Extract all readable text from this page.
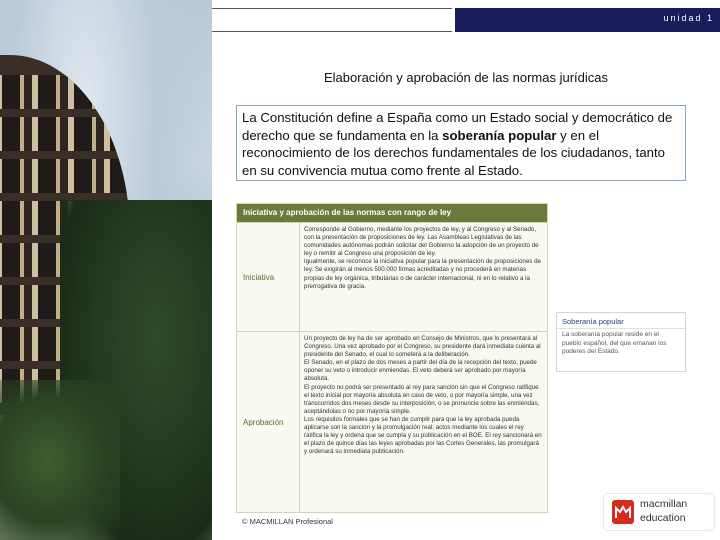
unidad 1
Elaboración y aprobación de las normas jurídicas
La Constitución define a España como un Estado social y democrático de derecho que se fundamenta en la soberanía popular y en el reconocimiento de los derechos fundamentales de los ciudadanos, tanto en su convivencia mutua como frente al Estado.
Iniciativa y aprobación de las normas con rango de ley
Iniciativa

Corresponde al Gobierno, mediante los proyectos de ley, y al Congreso y al Senado, con la presentación de proposiciones de ley. Las Asambleas Legislativas de las comunidades autónomas podrán solicitar del Gobierno la adopción de un proyecto de ley o remitir al Congreso una proposición de ley.

Igualmente, se reconoce la iniciativa popular para la presentación de proposiciones de ley. Se exigirán al menos 500.000 firmas acreditadas y no procederá en materias propias de ley orgánica, tributarias o de carácter internacional, ni en lo relativo a la prerrogativa de gracia.

Aprobación

Un proyecto de ley ha de ser aprobado en Consejo de Ministros, que lo presentará al Congreso. Una vez aprobado por el Congreso, su presidente dará inmediata cuenta al presidente del Senado, el cual lo someterá a la deliberación.

El Senado, en el plazo de dos meses a partir del día de la recepción del texto, puede oponer su veto o introducir enmiendas. El veto deberá ser aprobado por mayoría absoluta.

El proyecto no podrá ser presentado al rey para sanción sin que el Congreso ratifique el texto inicial por mayoría absoluta en caso de veto, o por mayoría simple, una vez transcurridos dos meses desde su interposición, o se pronuncie sobre las enmiendas, aceptándolas o no por mayoría simple.

Los requisitos formales que se han de cumplir para que la ley aprobada pueda aplicarse son la sanción y la promulgación real, actos mediante los cuales el rey ratifica la ley y ordena que se cumpla y su publicación en el BOE. El rey sancionará en el plazo de quince días las leyes aprobadas por las Cortes Generales, las promulgará y ordenará su inmediata publicación.

© MACMILLAN Profesional
Soberanía popular
La soberanía popular reside en el pueblo español, del que emanan los poderes del Estado.
macmillan
education
